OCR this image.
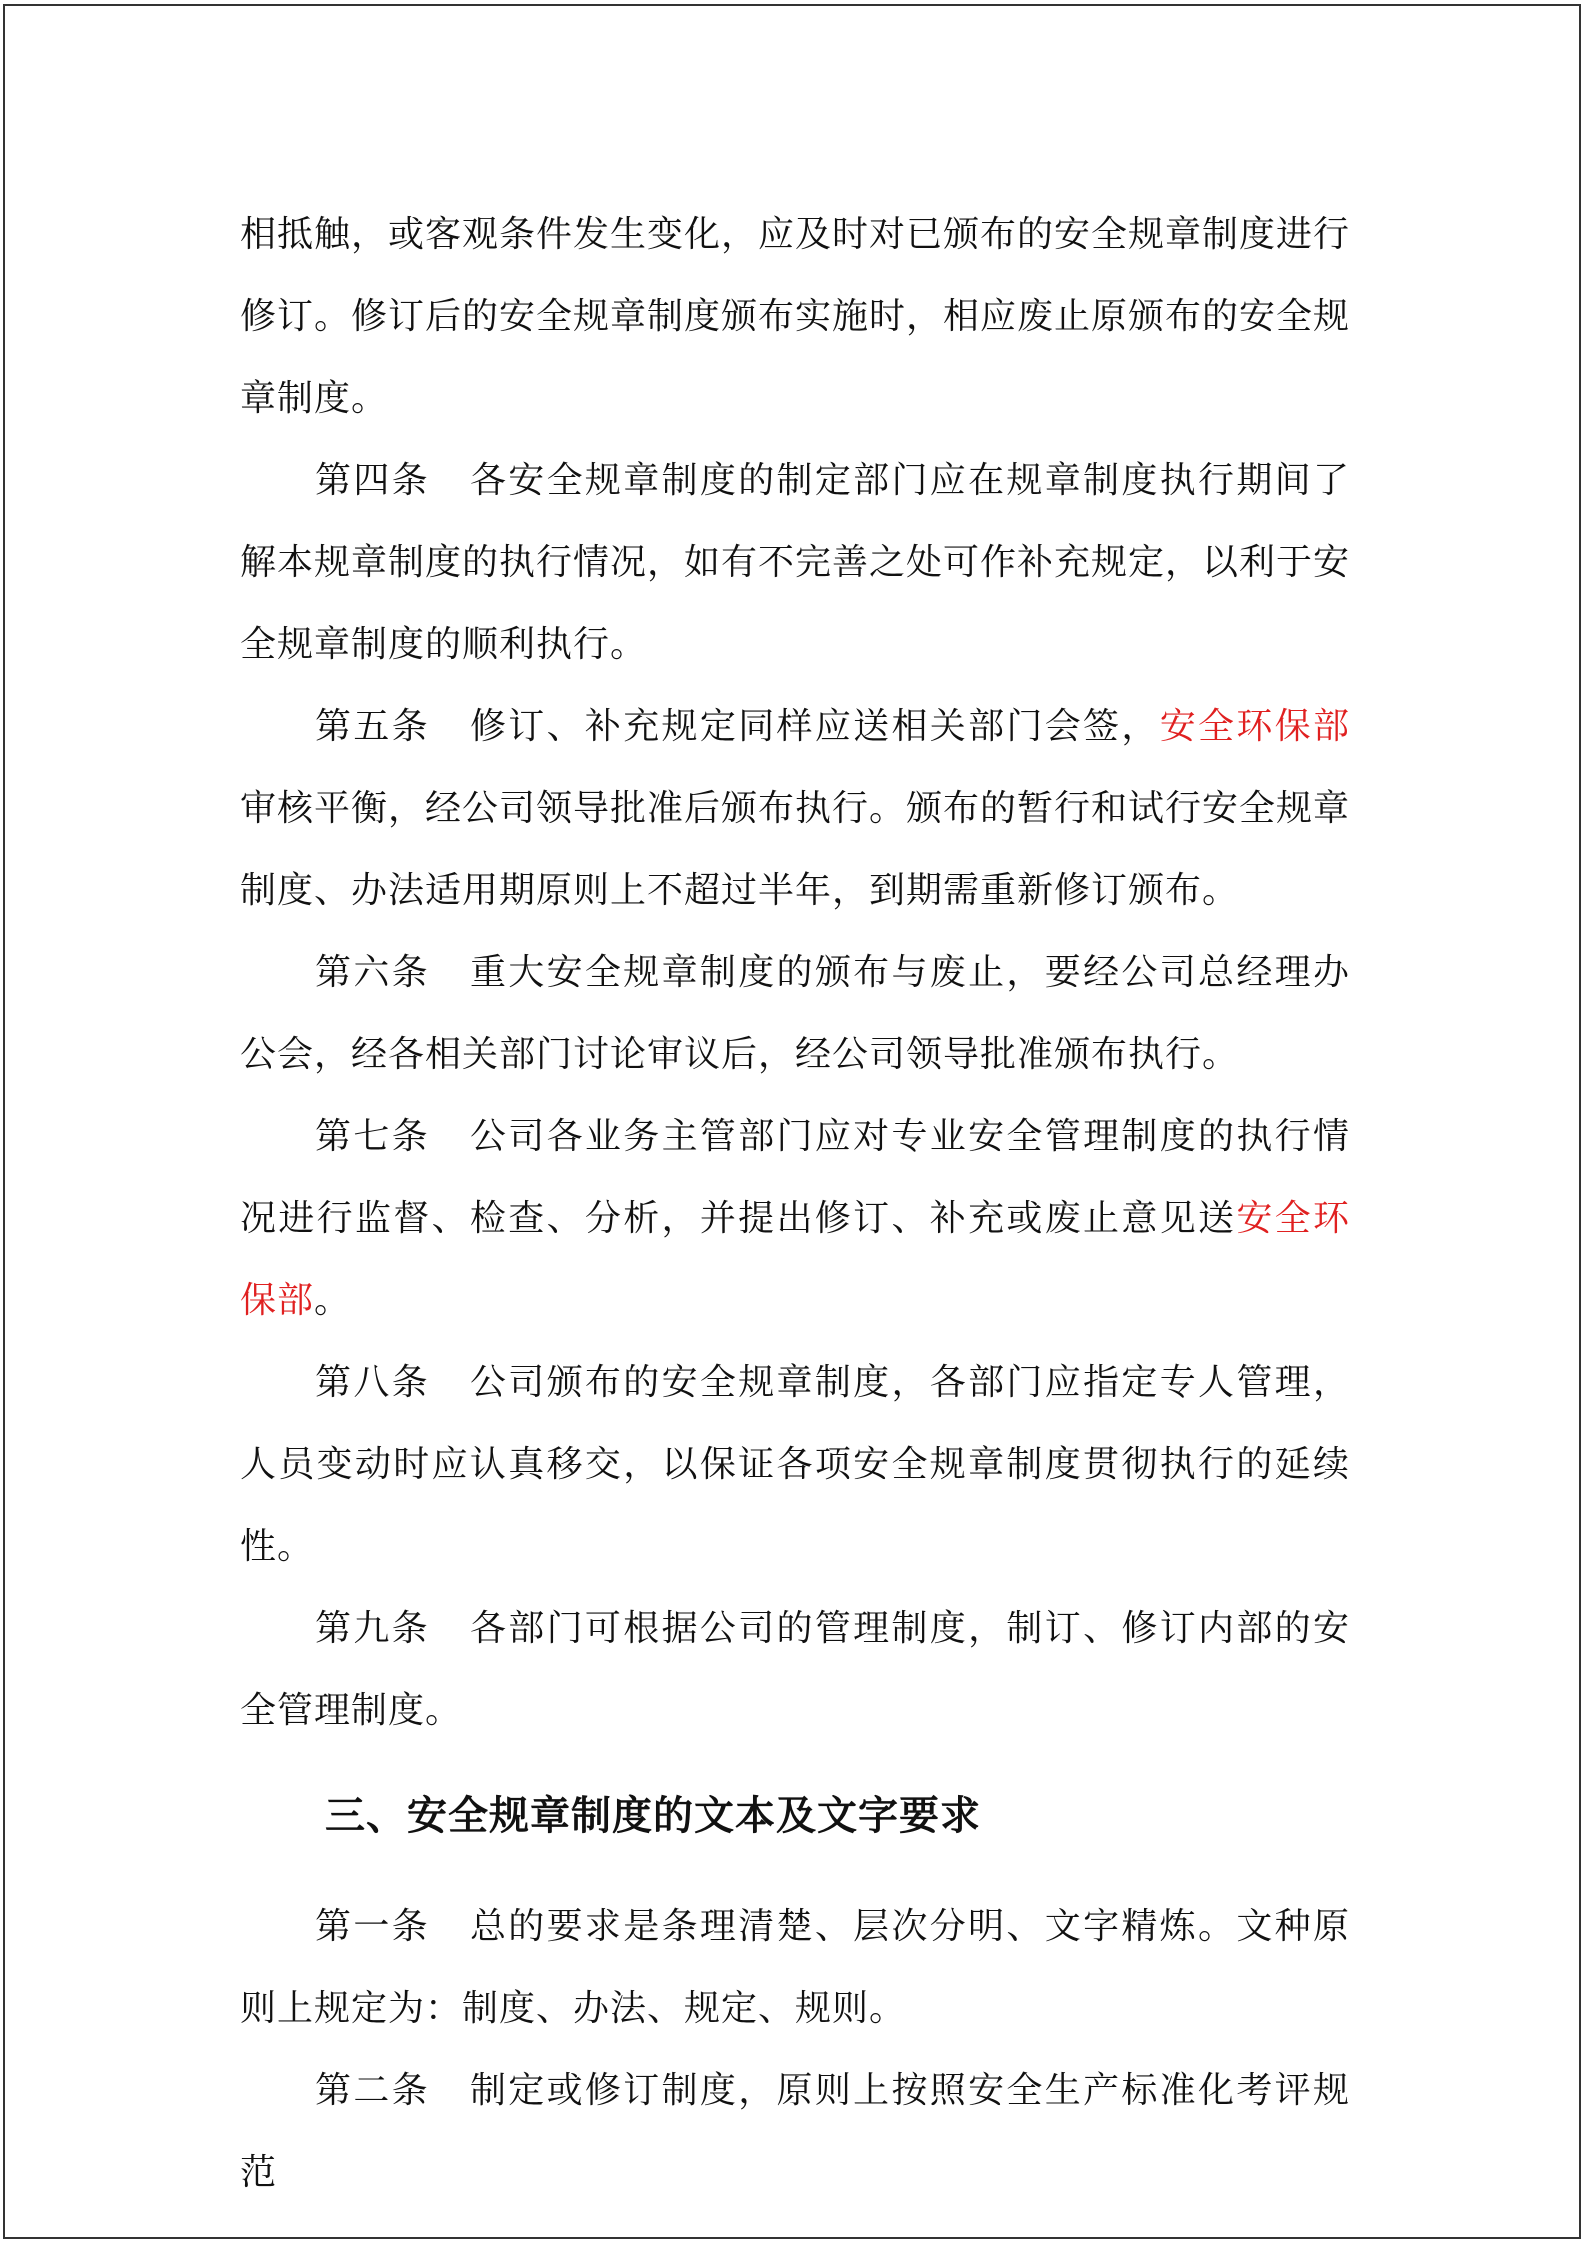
相抵触，或客观条件发生变化，应及时对已颁布的安全规章制度进行修订。修订后的安全规章制度颁布实施时，相应废止原颁布的安全规章制度。

第四条 各安全规章制度的制定部门应在规章制度执行期间了解本规章制度的执行情况，如有不完善之处可作补充规定，以利于安全规章制度的顺利执行。

第五条 修订、补充规定同样应送相关部门会签，安全环保部审核平衡，经公司领导批准后颁布执行。颁布的暂行和试行安全规章制度、办法适用期原则上不超过半年，到期需重新修订颁布。

第六条 重大安全规章制度的颁布与废止，要经公司总经理办公会，经各相关部门讨论审议后，经公司领导批准颁布执行。

第七条 公司各业务主管部门应对专业安全管理制度的执行情况进行监督、检查、分析，并提出修订、补充或废止意见送安全环保部。

第八条 公司颁布的安全规章制度，各部门应指定专人管理，人员变动时应认真移交，以保证各项安全规章制度贯彻执行的延续性。

第九条 各部门可根据公司的管理制度，制订、修订内部的安全管理制度。

三、安全规章制度的文本及文字要求

第一条 总的要求是条理清楚、层次分明、文字精炼。文种原则上规定为：制度、办法、规定、规则。

第二条 制定或修订制度，原则上按照安全生产标准化考评规范
